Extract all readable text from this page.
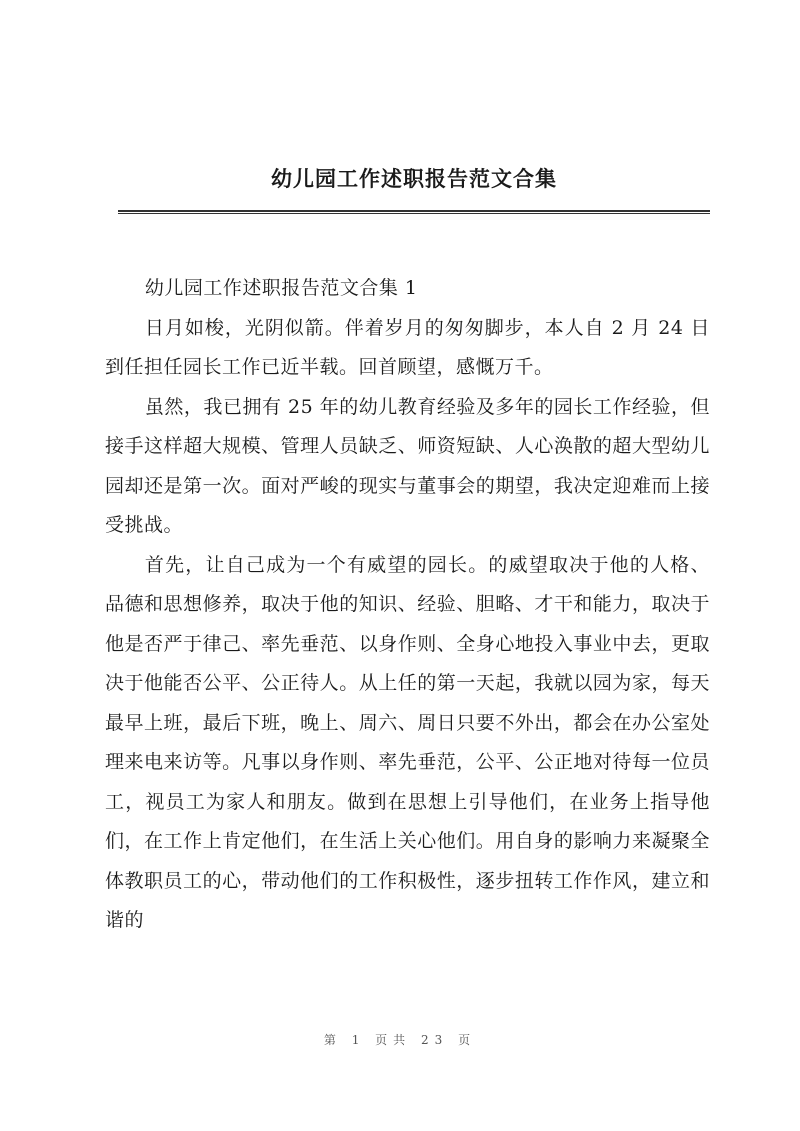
幼儿园工作述职报告范文合集

幼儿园工作述职报告范文合集 1

日月如梭，光阴似箭。伴着岁月的匆匆脚步，本人自 2 月 24 日到任担任园长工作已近半载。回首顾望，感慨万千。

虽然，我已拥有 25 年的幼儿教育经验及多年的园长工作经验，但接手这样超大规模、管理人员缺乏、师资短缺、人心涣散的超大型幼儿园却还是第一次。面对严峻的现实与董事会的期望，我决定迎难而上接受挑战。

首先，让自己成为一个有威望的园长。的威望取决于他的人格、品德和思想修养，取决于他的知识、经验、胆略、才干和能力，取决于他是否严于律己、率先垂范、以身作则、全身心地投入事业中去，更取决于他能否公平、公正待人。从上任的第一天起，我就以园为家，每天最早上班，最后下班，晚上、周六、周日只要不外出，都会在办公室处理来电来访等。凡事以身作则、率先垂范，公平、公正地对待每一位员工，视员工为家人和朋友。做到在思想上引导他们，在业务上指导他们，在工作上肯定他们，在生活上关心他们。用自身的影响力来凝聚全体教职员工的心，带动他们的工作积极性，逐步扭转工作作风，建立和谐的

第 1 页共 23 页
